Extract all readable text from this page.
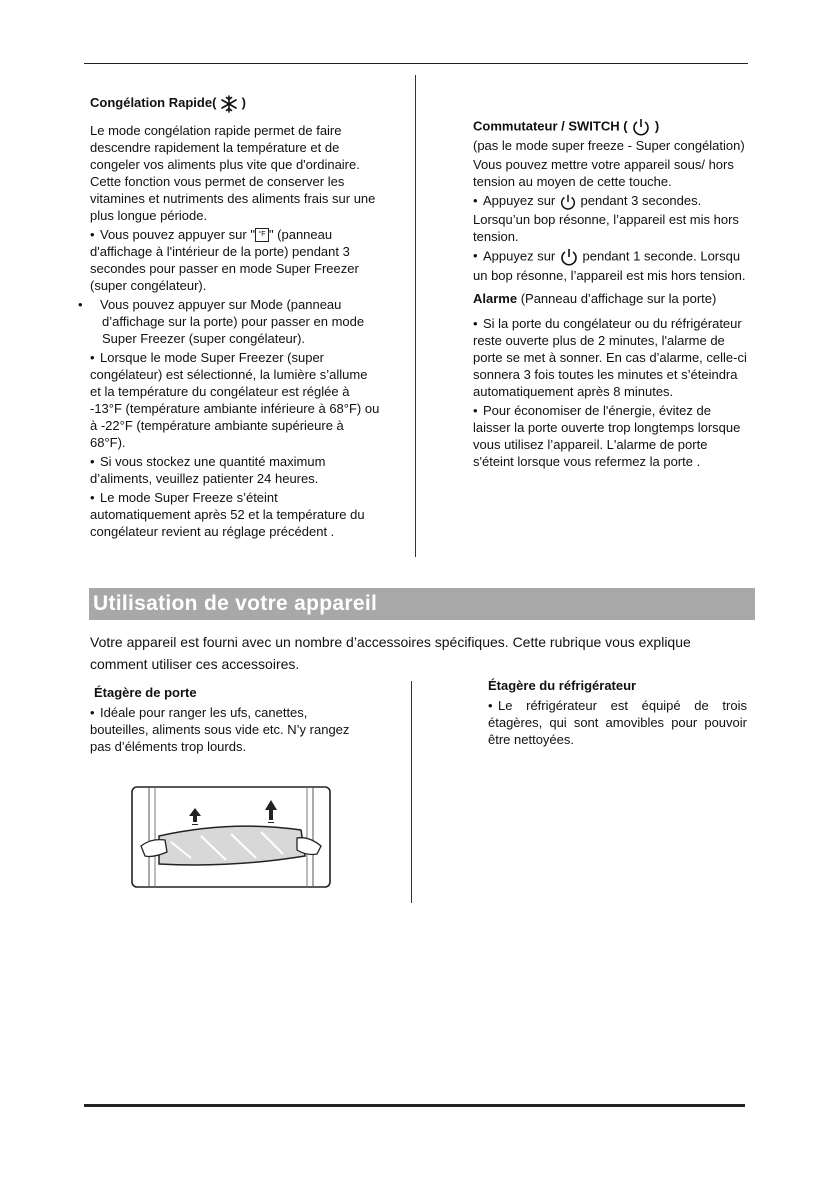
Congélation Rapide( )

Le mode congélation rapide permet de faire descendre rapidement la température et de congeler vos aliments plus vite que d'ordinaire. Cette fonction vous permet de conserver les vitamines et nutriments des aliments frais sur une plus longue période.

• Vous pouvez appuyer sur " °F " (panneau d'affichage à l'intérieur de la porte) pendant 3 secondes pour passer en mode Super Freezer (super congélateur).

• Vous pouvez appuyer sur Mode (panneau d’affichage sur la porte) pour passer en mode Super Freezer (super congélateur).

• Lorsque le mode Super Freezer (super congélateur) est sélectionné, la lumière s’allume et la température du congélateur est réglée à -13°F (température ambiante inférieure à 68°F) ou à -22°F (température ambiante supérieure à 68°F).

• Si vous stockez une quantité maximum d’aliments, veuillez patienter 24 heures.

• Le mode Super Freeze s’éteint automatiquement après 52 et la température du congélateur revient au réglage précédent .

Commutateur / SWITCH ( )

(pas le mode super freeze - Super congélation)

Vous pouvez mettre votre appareil sous/ hors tension au moyen de cette touche.

• Appuyez sur pendant 3 secondes. Lorsqu’un bop résonne, l’appareil est mis hors tension.

• Appuyez sur pendant 1 seconde. Lorsqu un bop résonne, l’appareil est mis hors tension.

Alarme (Panneau d’affichage sur la porte)

• Si la porte du congélateur ou du réfrigérateur reste ouverte plus de 2 minutes, l'alarme de porte se met à sonner. En cas d’alarme, celle-ci sonnera 3 fois toutes les minutes et s’éteindra automatiquement après 8 minutes.

• Pour économiser de l'énergie, évitez de laisser la porte ouverte trop longtemps lorsque vous utilisez l’appareil. L'alarme de porte s'éteint lorsque vous refermez la porte .

Utilisation de votre appareil
Votre appareil est fourni avec un nombre d’accessoires spécifiques. Cette rubrique vous explique comment utiliser ces accessoires.
Étagère de porte

• Idéale pour ranger les ufs, canettes, bouteilles, aliments sous vide etc. N’y rangez pas d’éléments trop lourds.

Étagère du réfrigérateur

• Le réfrigérateur est équipé de trois étagères, qui sont amovibles pour pouvoir être nettoyées.
